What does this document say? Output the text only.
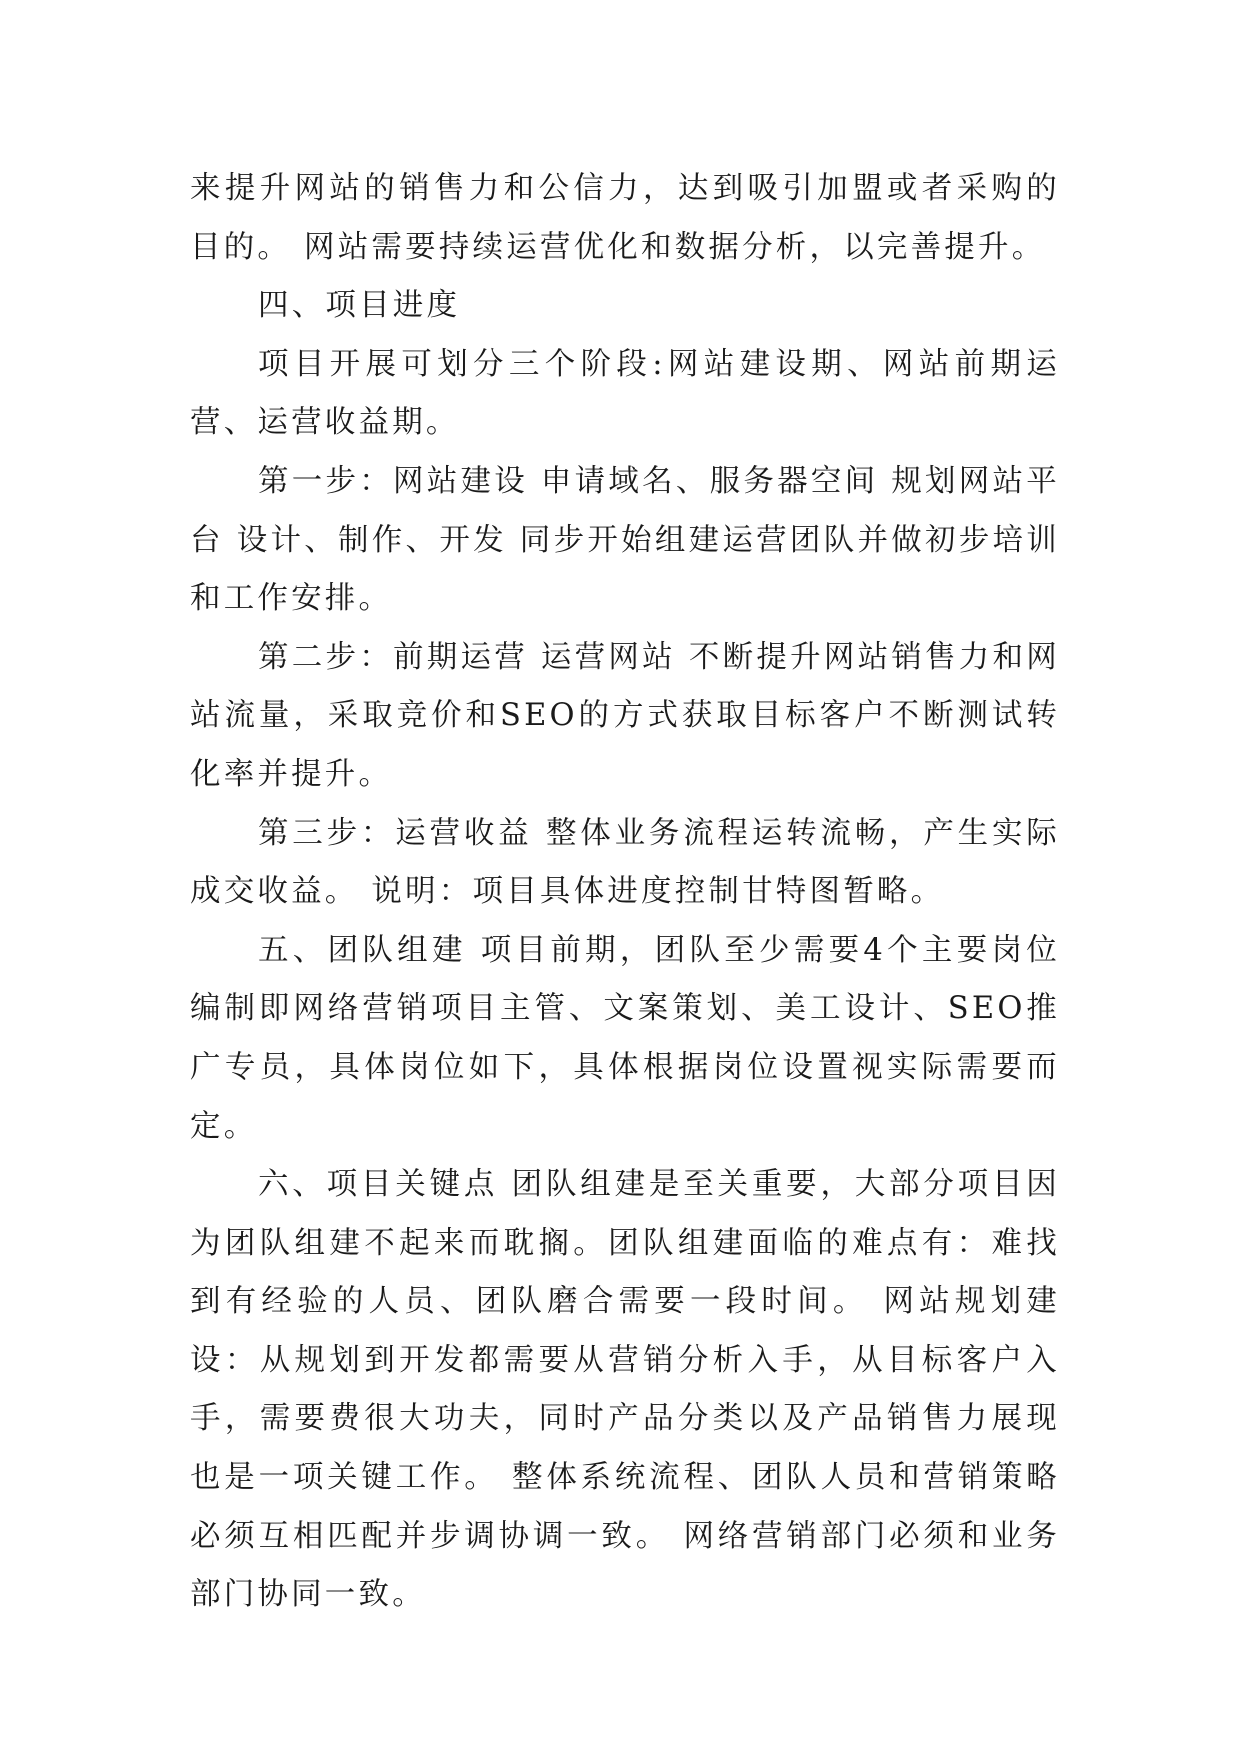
来提升网站的销售力和公信力，达到吸引加盟或者采购的目的。 网站需要持续运营优化和数据分析，以完善提升。

四、项目进度

项目开展可划分三个阶段:网站建设期、网站前期运营、运营收益期。

第一步：网站建设 申请域名、服务器空间 规划网站平台 设计、制作、开发 同步开始组建运营团队并做初步培训和工作安排。

第二步：前期运营 运营网站 不断提升网站销售力和网站流量，采取竞价和SEO的方式获取目标客户不断测试转化率并提升。

第三步：运营收益 整体业务流程运转流畅，产生实际成交收益。 说明：项目具体进度控制甘特图暂略。

五、团队组建 项目前期，团队至少需要4个主要岗位编制即网络营销项目主管、文案策划、美工设计、SEO推广专员，具体岗位如下，具体根据岗位设置视实际需要而定。

六、项目关键点 团队组建是至关重要，大部分项目因为团队组建不起来而耽搁。团队组建面临的难点有：难找到有经验的人员、团队磨合需要一段时间。 网站规划建设：从规划到开发都需要从营销分析入手，从目标客户入手，需要费很大功夫，同时产品分类以及产品销售力展现也是一项关键工作。 整体系统流程、团队人员和营销策略必须互相匹配并步调协调一致。 网络营销部门必须和业务部门协同一致。
